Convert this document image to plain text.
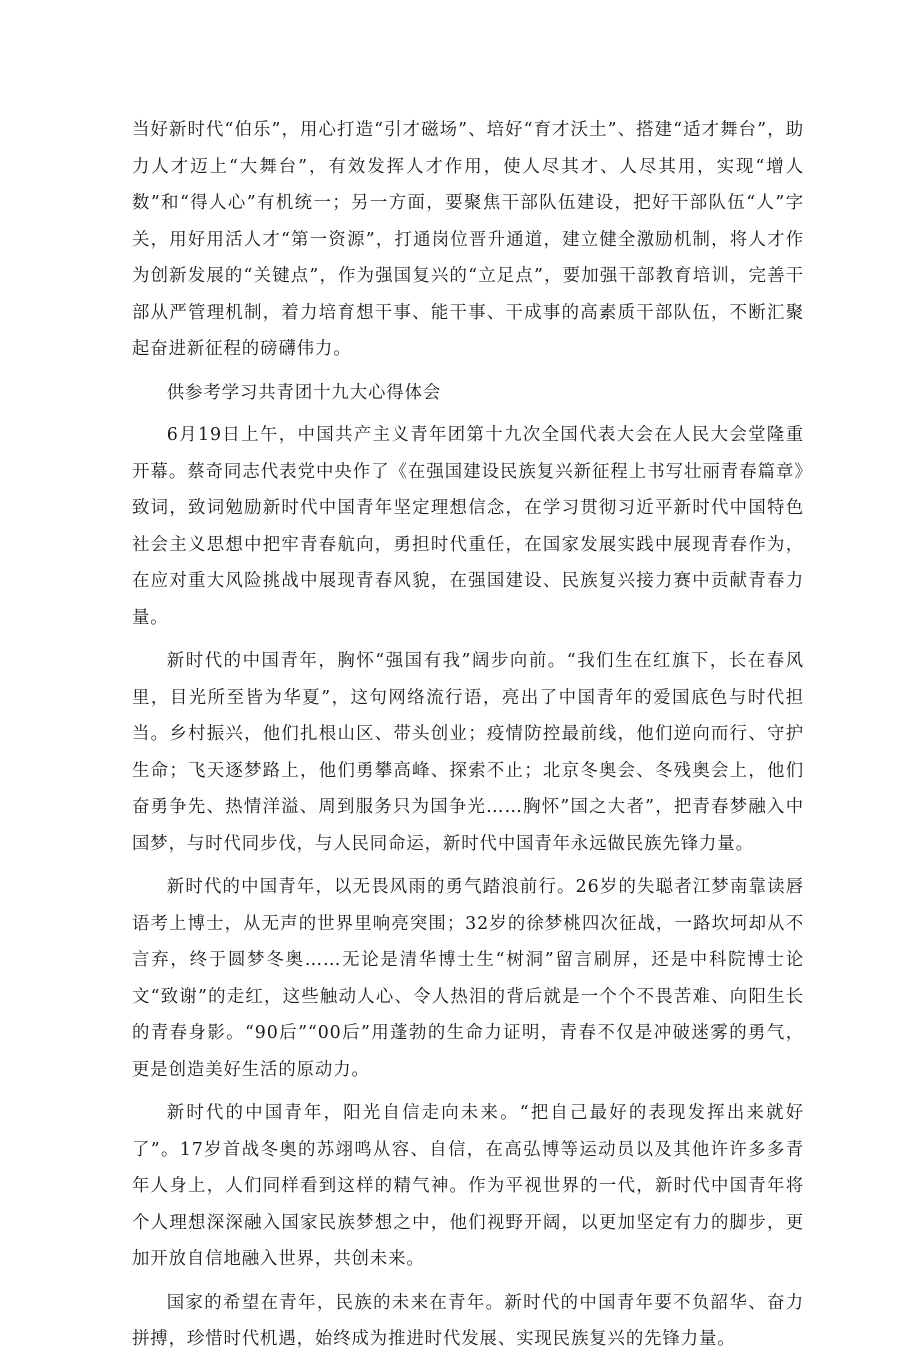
当好新时代“伯乐”，用心打造“引才磁场”、培好“育才沃土”、搭建“适才舞台”，助力人才迈上“大舞台”，有效发挥人才作用，使人尽其才、人尽其用，实现“增人数”和“得人心”有机统一；另一方面，要聚焦干部队伍建设，把好干部队伍“人”字关，用好用活人才“第一资源”，打通岗位晋升通道，建立健全激励机制，将人才作为创新发展的“关键点”，作为强国复兴的“立足点”，要加强干部教育培训，完善干部从严管理机制，着力培育想干事、能干事、干成事的高素质干部队伍，不断汇聚起奋进新征程的磅礴伟力。

供参考学习共青团十九大心得体会

6月19日上午，中国共产主义青年团第十九次全国代表大会在人民大会堂隆重开幕。蔡奇同志代表党中央作了《在强国建设民族复兴新征程上书写壮丽青春篇章》致词，致词勉励新时代中国青年坚定理想信念，在学习贯彻习近平新时代中国特色社会主义思想中把牢青春航向，勇担时代重任，在国家发展实践中展现青春作为，在应对重大风险挑战中展现青春风貌，在强国建设、民族复兴接力赛中贡献青春力量。

新时代的中国青年，胸怀“强国有我”阔步向前。“我们生在红旗下，长在春风里，目光所至皆为华夏”，这句网络流行语，亮出了中国青年的爱国底色与时代担当。乡村振兴，他们扎根山区、带头创业；疫情防控最前线，他们逆向而行、守护生命；飞天逐梦路上，他们勇攀高峰、探索不止；北京冬奥会、冬残奥会上，他们奋勇争先、热情洋溢、周到服务只为国争光……胸怀”国之大者”，把青春梦融入中国梦，与时代同步伐，与人民同命运，新时代中国青年永远做民族先锋力量。

新时代的中国青年，以无畏风雨的勇气踏浪前行。26岁的失聪者江梦南靠读唇语考上博士，从无声的世界里响亮突围；32岁的徐梦桃四次征战，一路坎坷却从不言弃，终于圆梦冬奥……无论是清华博士生“树洞”留言刷屏，还是中科院博士论文“致谢”的走红，这些触动人心、令人热泪的背后就是一个个不畏苦难、向阳生长的青春身影。“90后”“00后”用蓬勃的生命力证明，青春不仅是冲破迷雾的勇气，更是创造美好生活的原动力。

新时代的中国青年，阳光自信走向未来。“把自己最好的表现发挥出来就好了”。17岁首战冬奥的苏翊鸣从容、自信，在高弘博等运动员以及其他许许多多青年人身上，人们同样看到这样的精气神。作为平视世界的一代，新时代中国青年将个人理想深深融入国家民族梦想之中，他们视野开阔，以更加坚定有力的脚步，更加开放自信地融入世界，共创未来。

国家的希望在青年，民族的未来在青年。新时代的中国青年要不负韶华、奋力拼搏，珍惜时代机遇，始终成为推进时代发展、实现民族复兴的先锋力量。
